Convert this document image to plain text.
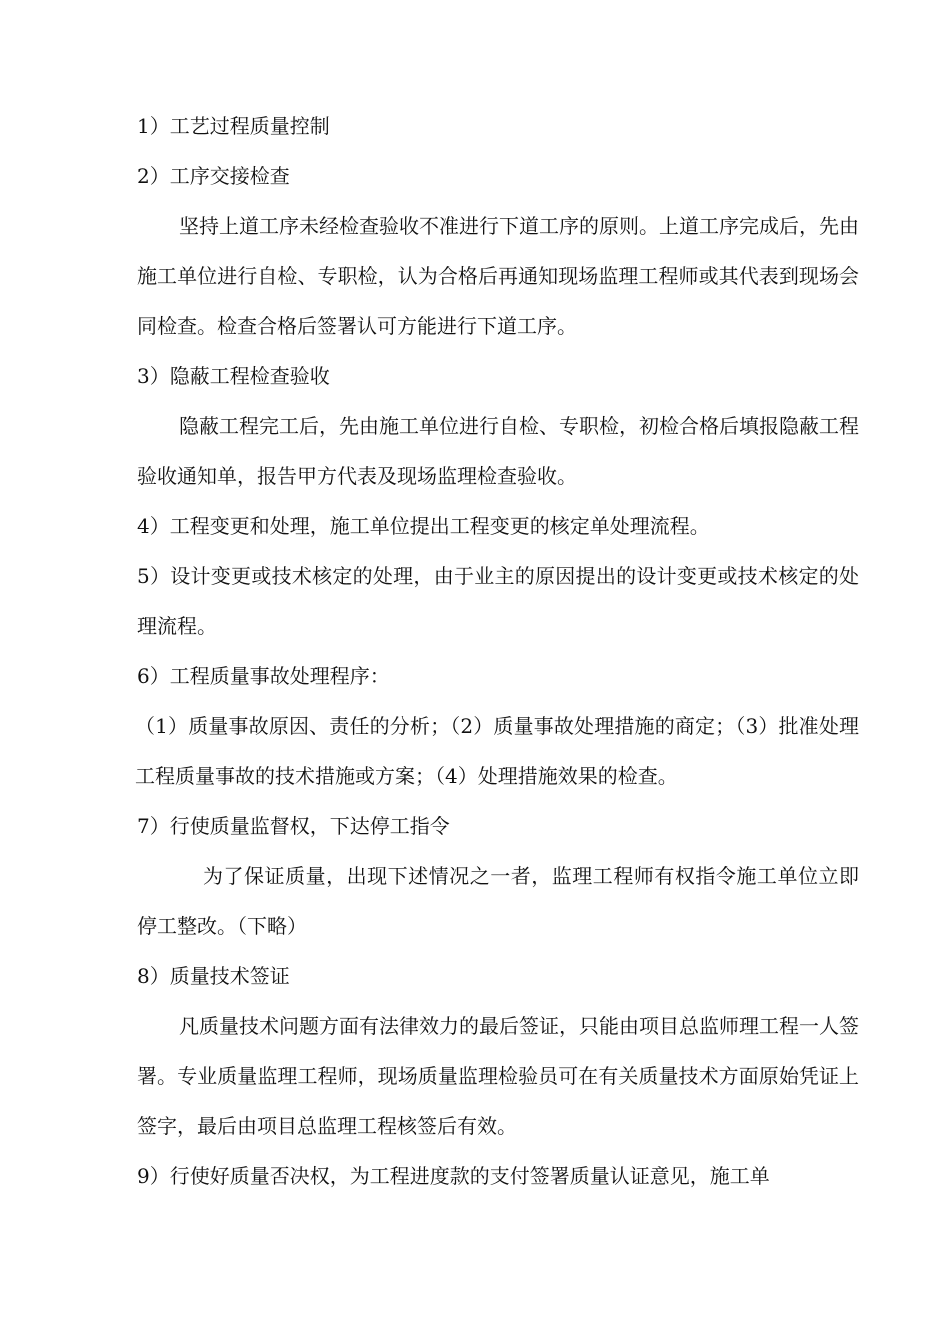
1）工艺过程质量控制

2）工序交接检查

坚持上道工序未经检查验收不准进行下道工序的原则。上道工序完成后，先由施工单位进行自检、专职检，认为合格后再通知现场监理工程师或其代表到现场会同检查。检查合格后签署认可方能进行下道工序。

3）隐蔽工程检查验收

隐蔽工程完工后，先由施工单位进行自检、专职检，初检合格后填报隐蔽工程验收通知单，报告甲方代表及现场监理检查验收。

4）工程变更和处理，施工单位提出工程变更的核定单处理流程。

5）设计变更或技术核定的处理，由于业主的原因提出的设计变更或技术核定的处理流程。

6）工程质量事故处理程序：

（1）质量事故原因、责任的分析；（2）质量事故处理措施的商定；（3）批准处理工程质量事故的技术措施或方案；（4）处理措施效果的检查。

7）行使质量监督权，下达停工指令

为了保证质量，出现下述情况之一者，监理工程师有权指令施工单位立即停工整改。（下略）

8）质量技术签证

凡质量技术问题方面有法律效力的最后签证，只能由项目总监师理工程一人签署。专业质量监理工程师，现场质量监理检验员可在有关质量技术方面原始凭证上签字，最后由项目总监理工程核签后有效。

9）行使好质量否决权，为工程进度款的支付签署质量认证意见，施工单
